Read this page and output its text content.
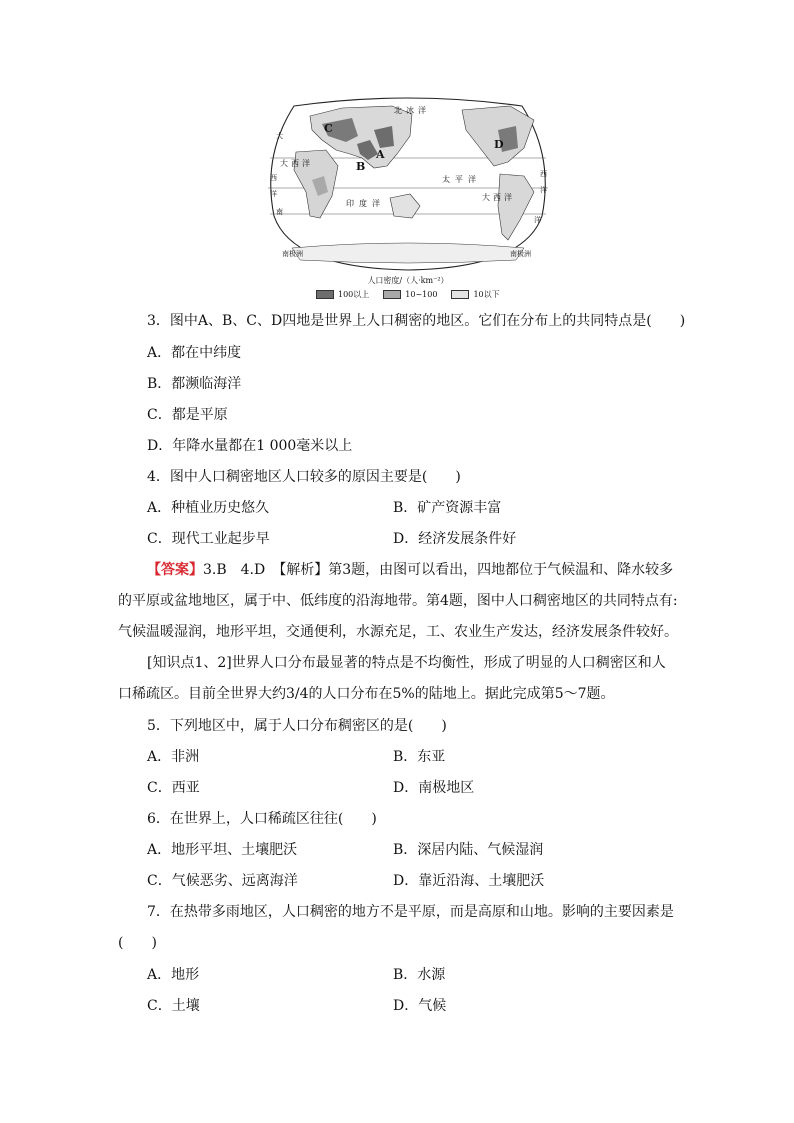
C
B
A
D
北冰洋
印度洋
太平洋
大西洋
大西洋
大
西
洋
南
西
洋
洋
南极洲	南极洲
人口密度/（人·km⁻²）
100以上	10~100	10以下
3．图中A、B、C、D四地是世界上人口稠密的地区。它们在分布上的共同特点是(　　)
A．都在中纬度
B．都濒临海洋
C．都是平原
D．年降水量都在1 000毫米以上
4．图中人口稠密地区人口较多的原因主要是(　　)
A．种植业历史悠久	B．矿产资源丰富
C．现代工业起步早	D．经济发展条件好
【答案】3.B　4.D　【解析】第3题，由图可以看出，四地都位于气候温和、降水较多
的平原或盆地地区，属于中、低纬度的沿海地带。第4题，图中人口稠密地区的共同特点有:
气候温暖湿润，地形平坦，交通便利，水源充足，工、农业生产发达，经济发展条件较好。
[知识点1、2]世界人口分布最显著的特点是不均衡性，形成了明显的人口稠密区和人
口稀疏区。目前全世界大约3/4的人口分布在5%的陆地上。据此完成第5～7题。
5．下列地区中，属于人口分布稠密区的是(　　)
A．非洲	B．东亚
C．西亚	D．南极地区
6．在世界上，人口稀疏区往往(　　)
A．地形平坦、土壤肥沃	B．深居内陆、气候湿润
C．气候恶劣、远离海洋	D．靠近沿海、土壤肥沃
7．在热带多雨地区，人口稠密的地方不是平原，而是高原和山地。影响的主要因素是
(　　)
A．地形	B．水源
C．土壤	D．气候
